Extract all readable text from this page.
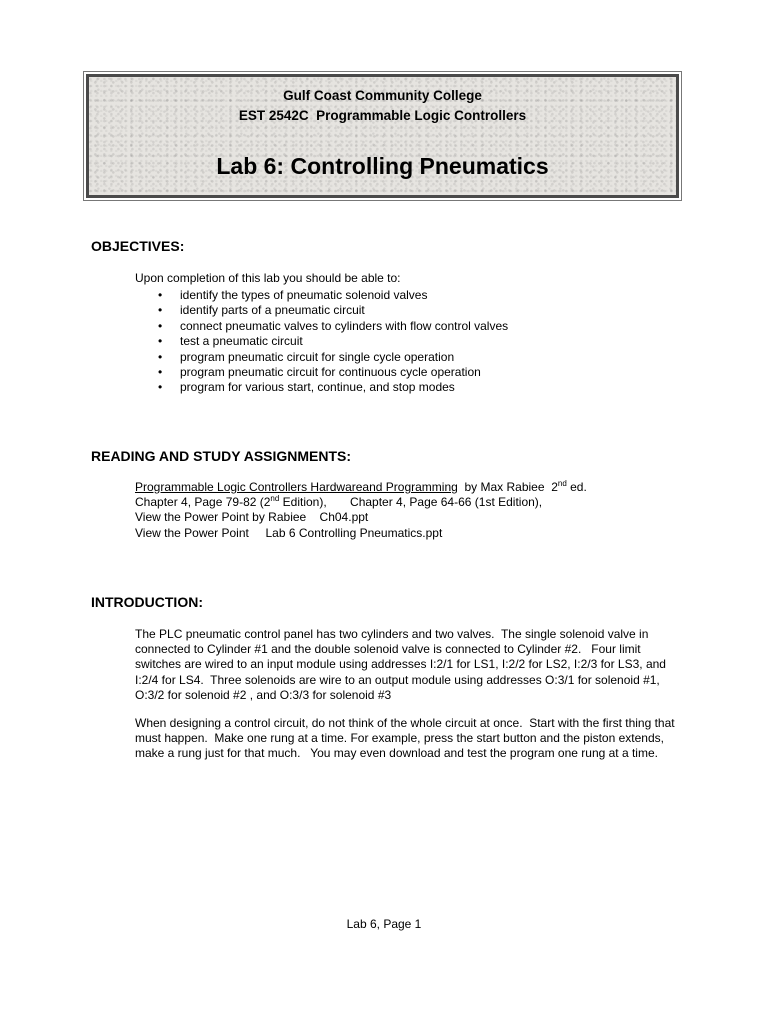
Gulf Coast Community College
EST 2542C  Programmable Logic Controllers
Lab 6: Controlling Pneumatics
OBJECTIVES:
Upon completion of this lab you should be able to:
• identify the types of pneumatic solenoid valves
• identify parts of a pneumatic circuit
• connect pneumatic valves to cylinders with flow control valves
• test a pneumatic circuit
• program pneumatic circuit for single cycle operation
• program pneumatic circuit for continuous cycle operation
• program for various start, continue, and stop modes
READING AND STUDY ASSIGNMENTS:
Programmable Logic Controllers Hardwareand Programming  by Max Rabiee  2nd ed.
Chapter 4, Page 79-82 (2nd Edition),       Chapter 4, Page 64-66 (1st Edition),
View the Power Point by Rabiee    Ch04.ppt
View the Power Point     Lab 6 Controlling Pneumatics.ppt
INTRODUCTION:
The PLC pneumatic control panel has two cylinders and two valves.  The single solenoid valve in
connected to Cylinder #1 and the double solenoid valve is connected to Cylinder #2.   Four limit
switches are wired to an input module using addresses I:2/1 for LS1, I:2/2 for LS2, I:2/3 for LS3, and
I:2/4 for LS4.  Three solenoids are wire to an output module using addresses O:3/1 for solenoid #1,
O:3/2 for solenoid #2 , and O:3/3 for solenoid #3
When designing a control circuit, do not think of the whole circuit at once.  Start with the first thing that
must happen.  Make one rung at a time. For example, press the start button and the piston extends,
make a rung just for that much.   You may even download and test the program one rung at a time.
Lab 6, Page 1
